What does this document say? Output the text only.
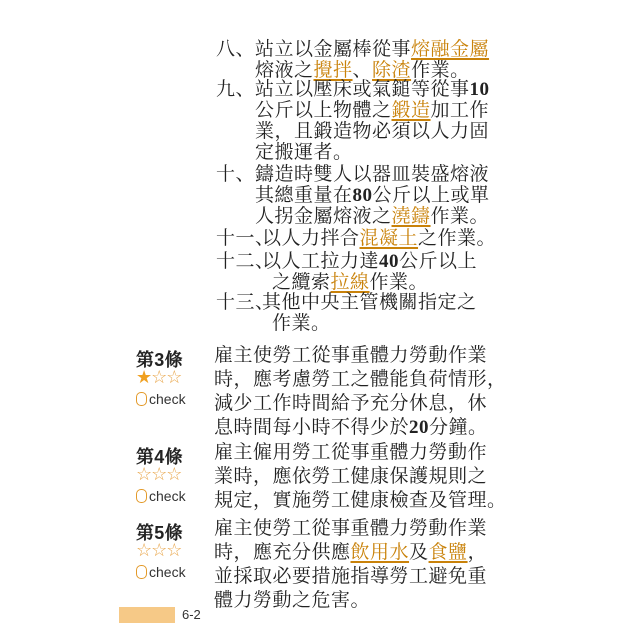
八、 站立以金屬棒從事熔融金屬
熔液之攪拌、除渣作業。
九、 站立以壓床或氣鎚等從事10
公斤以上物體之鍛造加工作
業，且鍛造物必須以人力固
定搬運者。
十、 鑄造時雙人以器皿裝盛熔液
其總重量在80公斤以上或單
人拐金屬熔液之澆鑄作業。
十一、
以人力拌合混凝土之作業。
十二、
以人工拉力達40公斤以上
之纜索拉線作業。
十三、
其他中央主管機關指定之
作業。
第3條
★☆☆
check
雇主使勞工從事重體力勞動作業
時，應考慮勞工之體能負荷情形，
減少工作時間給予充分休息，休
息時間每小時不得少於20分鐘。
第4條
☆☆☆
check
雇主僱用勞工從事重體力勞動作
業時，應依勞工健康保護規則之
規定，實施勞工健康檢查及管理。
第5條
☆☆☆
check
雇主使勞工從事重體力勞動作業
時，應充分供應飲用水及食鹽，
並採取必要措施指導勞工避免重
體力勞動之危害。
6-2
